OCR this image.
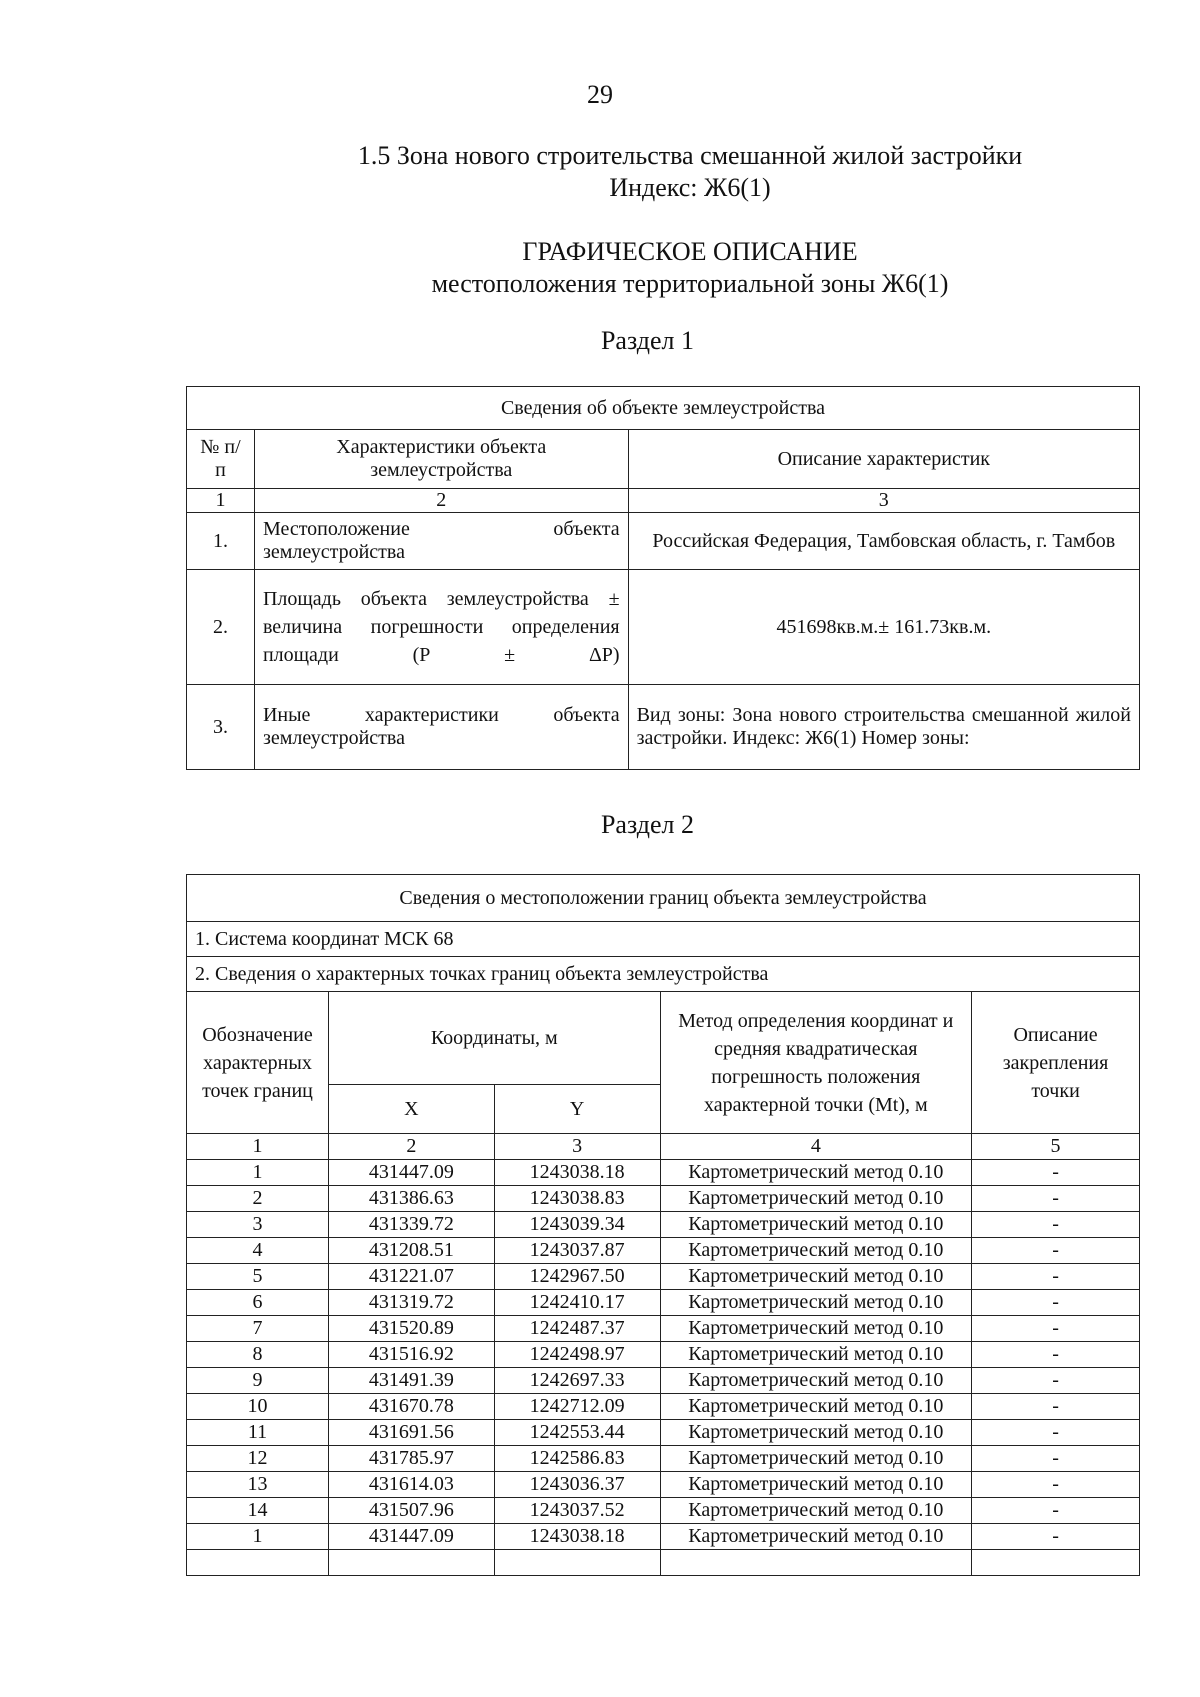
29
1.5 Зона нового строительства смешанной жилой застройки
Индекс: Ж6(1)
ГРАФИЧЕСКОЕ ОПИСАНИЕ
местоположения территориальной зоны Ж6(1)
Раздел 1
Сведения об объекте землеустройства		
№ п/п	Характеристики объекта землеустройства	Описание характеристик
1	2	3
1.	Местоположение объекта землеустройства	Российская Федерация, Тамбовская область, г. Тамбов
2.	Площадь объекта землеустройства ± величина погрешности определения площади (Р ± ΔР)	451698кв.м.± 161.73кв.м.
3.	Иные характеристики объекта землеустройства	Вид зоны: Зона нового строительства смешанной жилой застройки. Индекс: Ж6(1) Номер зоны:
Раздел 2
Сведения о местоположении границ объекта землеустройства				
1. Система координат МСК 68				
2. Сведения о характерных точках границ объекта землеустройства				
Обозначение характерных точек границ	Координаты, м		Метод определения координат и средняя квадратическая погрешность положения характерной точки (Mt), м	Описание закрепления точки
	X	Y		
1	2	3	4	5
1	431447.09	1243038.18	Картометрический метод 0.10	-
2	431386.63	1243038.83	Картометрический метод 0.10	-
3	431339.72	1243039.34	Картометрический метод 0.10	-
4	431208.51	1243037.87	Картометрический метод 0.10	-
5	431221.07	1242967.50	Картометрический метод 0.10	-
6	431319.72	1242410.17	Картометрический метод 0.10	-
7	431520.89	1242487.37	Картометрический метод 0.10	-
8	431516.92	1242498.97	Картометрический метод 0.10	-
9	431491.39	1242697.33	Картометрический метод 0.10	-
10	431670.78	1242712.09	Картометрический метод 0.10	-
11	431691.56	1242553.44	Картометрический метод 0.10	-
12	431785.97	1242586.83	Картометрический метод 0.10	-
13	431614.03	1243036.37	Картометрический метод 0.10	-
14	431507.96	1243037.52	Картометрический метод 0.10	-
1	431447.09	1243038.18	Картометрический метод 0.10	-
